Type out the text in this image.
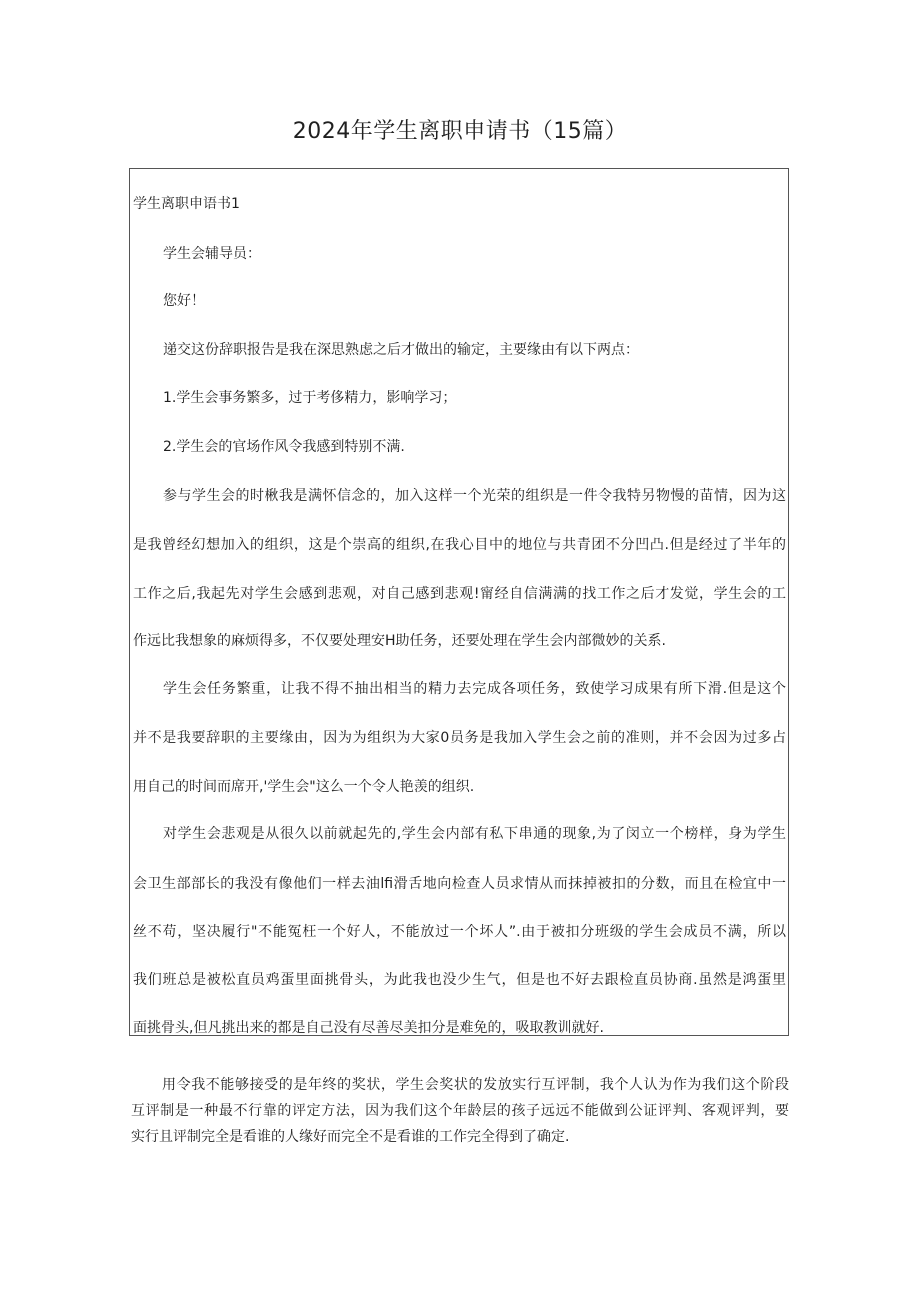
2024年学生离职申请书（15篇）
学生离职申语书1
学生会辅导员：
您好！
递交这份辞职报告是我在深思熟虑之后才做出的输定，主要缘由有以下两点：
1.学生会事务繁多，过于考侈精力，影响学习；
2.学生会的官场作风令我感到特别不满.
参与学生会的时楸我是满怀信念的，加入这样一个光荣的组织是一件令我特另物慢的苗情，因为这
是我曾经幻想加入的组织，这是个崇高的组织,在我心目中的地位与共青团不分凹凸.但是经过了半年的
工作之后,我起先对学生会感到悲观，对自己感到悲观!甯经自信满满的找工作之后才发觉，学生会的工
作远比我想象的麻烦得多，不仅要处理安H助任务，还要处理在学生会内部微妙的关系.
学生会任务繁重，让我不得不抽出相当的精力去完成各项任务，致使学习成果有所下滑.但是这个
并不是我要辞职的主要缘由，因为为组织为大家0员务是我加入学生会之前的准则，并不会因为过多占
用自己的时间而席开,'学生会"这么一个令人艳羡的组织.
对学生会悲观是从很久以前就起先的,学生会内部有私下串通的现象,为了闵立一个榜样，身为学生
会卫生部部长的我没有像他们一样去油lfi滑舌地向检查人员求情从而抹掉被扣的分数，而且在检宜中一
丝不苟，坚决履行"不能冤枉一个好人，不能放过一个坏人”.由于被扣分班级的学生会成员不满，所以
我们班总是被松直员鸡蛋里面挑骨头，为此我也没少生气，但是也不好去跟检直员协商.虽然是鸿蛋里
面挑骨头,但凡挑出来的都是自己没有尽善尽美扣分是难免的，吸取教训就好.
用令我不能够接受的是年终的奖状，学生会奖状的发放实行互评制，我个人认为作为我们这个阶段
互评制是一种最不行靠的评定方法，因为我们这个年龄层的孩子远远不能做到公证评判、客观评判，要
实行且评制完全是看谁的人缘好而完全不是看谁的工作完全得到了确定.
